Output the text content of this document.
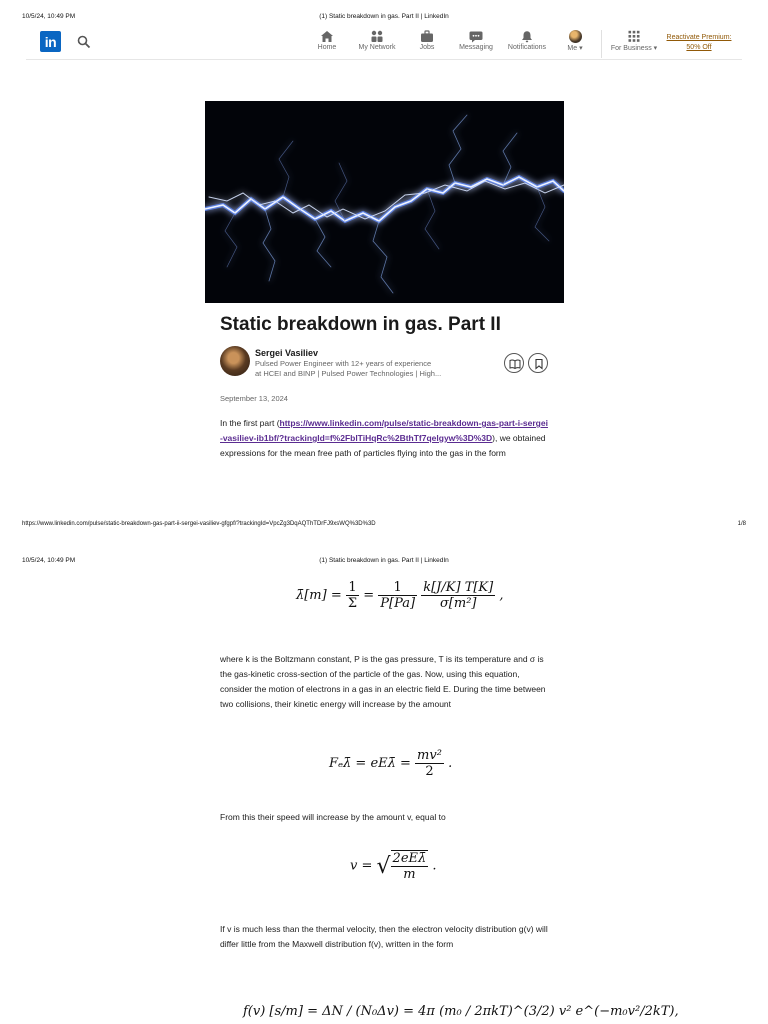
10/5/24, 10:49 PM	(1) Static breakdown in gas. Part II | LinkedIn
in	Home	My Network	Jobs	Messaging	Notifications	Me ▾	For Business ▾
Reactivate Premium:
50% Off
Static breakdown in gas. Part II
Sergei Vasiliev
Pulsed Power Engineer with 12+ years of experience
at HCEI and BINP | Pulsed Power Technologies | High...
September 13, 2024
In the first part (https://www.linkedin.com/pulse/static-breakdown-gas-part-i-sergei-vasiliev-ib1bf/?trackingId=f%2FblTiHqRc%2BthTf7qelgyw%3D%3D), we obtained expressions for the mean free path of particles flying into the gas in the form
https://www.linkedin.com/pulse/static-breakdown-gas-part-ii-sergei-vasiliev-gfgpf/?trackingId=VpcZg3DqAQThTDrFJ9xsWQ%3D%3D	1/8
10/5/24, 10:49 PM	(1) Static breakdown in gas. Part II | LinkedIn
λ̄[m] = $\frac{1}{\Sigma} = \frac{1}{P[Pa]}$
$\frac{k[J/K] T[K]}{\text{σ[m²]}}$ ,
where k is the Boltzmann constant, P is the gas pressure, T is its temperature and σ is the gas-kinetic cross-section of the particle of the gas. Now, using this equation, consider the motion of electrons in a gas in an electric field E. During the time between two collisions, their kinetic energy will increase by the amount
Fₑλ̄ = eEλ̄ = $\frac{\text{mv²}}{2}$ .
From this their speed will increase by the amount v, equal to
v = √ $\frac{\text{2eEλ̄}}{m}$ .
If v is much less than the thermal velocity, then the electron velocity distribution g(v) will differ little from the Maxwell distribution f(v), written in the form
f(v) [s/m] = ΔN / (N₀Δv) = 4π (m₀ / 2πkT)^(3/2) v² e^(−m₀v²/2kT),
